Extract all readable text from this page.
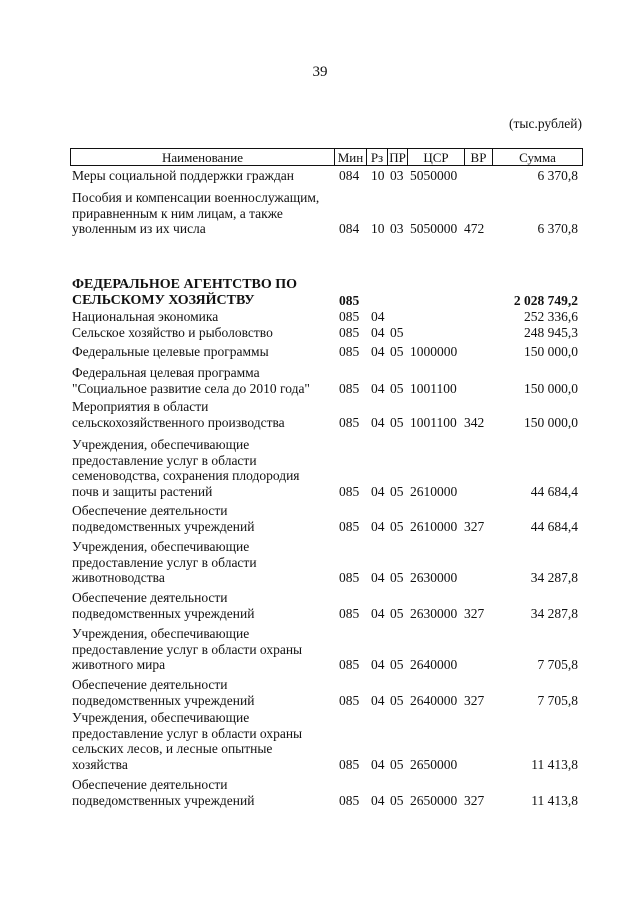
39
(тыс.рублей)
Наименование	Мин Рз ПР	ЦСР	ВР	Сумма
Меры социальной поддержки граждан	084 10 03 5050000	6 370,8
Пособия и компенсации военнослужащим,
приравненным к ним лицам, а также
уволенным из их числа	084 10 03 5050000 472	6 370,8
ФЕДЕРАЛЬНОЕ АГЕНТСТВО ПО
СЕЛЬСКОМУ ХОЗЯЙСТВУ	085	2 028 749,2
Национальная экономика	085 04	252 336,6
Сельское хозяйство и рыболовство	085 04 05	248 945,3
Федеральные целевые программы	085 04 05 1000000	150 000,0
Федеральная целевая программа
"Социальное развитие села до 2010 года"	085 04 05 1001100	150 000,0
Мероприятия в области
сельскохозяйственного производства	085 04 05 1001100 342	150 000,0
Учреждения, обеспечивающие
предоставление услуг в области
семеноводства, сохранения плодородия
почв и защиты растений	085 04 05 2610000	44 684,4
Обеспечение деятельности
подведомственных учреждений	085 04 05 2610000 327	44 684,4
Учреждения, обеспечивающие
предоставление услуг в области
животноводства	085 04 05 2630000	34 287,8
Обеспечение деятельности
подведомственных учреждений	085 04 05 2630000 327	34 287,8
Учреждения, обеспечивающие
предоставление услуг в области охраны
животного мира	085 04 05 2640000	7 705,8
Обеспечение деятельности
подведомственных учреждений	085 04 05 2640000 327	7 705,8
Учреждения, обеспечивающие
предоставление услуг в области охраны
сельских лесов, и лесные опытные
хозяйства	085 04 05 2650000	11 413,8
Обеспечение деятельности
подведомственных учреждений	085 04 05 2650000 327	11 413,8
